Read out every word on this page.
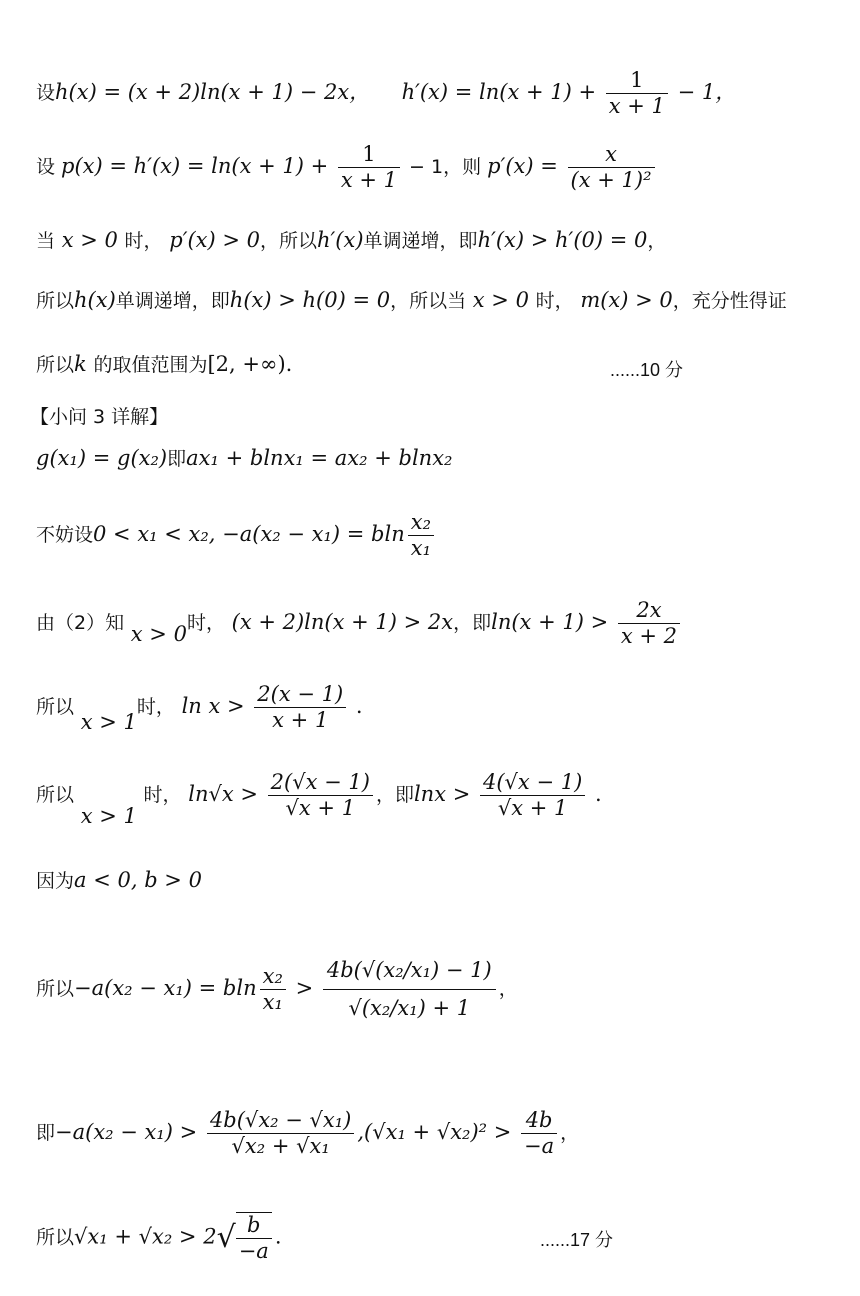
设h(x) = (x + 2)ln(x + 1) − 2x， $h'(x) = \ln(x + 1) + \frac{1}{x + 1} - 1$，
设 $p(x) = h'(x) = \ln(x + 1) + \frac{1}{x + 1} - 1$，则 $p'(x) = \frac{x}{\text{(x + 1)²}}$
当 x > 0 时， p′(x) > 0，所以h′(x)单调递增，即h′(x) > h′(0) = 0，
所以h(x)单调递增，即h(x) > h(0) = 0，所以当 x > 0 时， m(x) > 0，充分性得证
所以k 的取值范围为[2, +∞).	......10 分
【小问 3 详解】
g(x₁) = g(x₂)即ax₁ + blnx₁ = ax₂ + blnx₂
不妨设0 < x₁ < x₂, −a(x₂ − x₁) = bln $\frac{\text{x₂}}{\text{x₁}}$
由（2）知 x > 0时， (x + 2)ln(x + 1) > 2x，即$\ln(x + 1) > \frac{2x}{x + 2}$
所以 x > 1时， $\ln x > \frac{2(x - 1)}{x + 1}$ .
所以 x > 1 时， $\ln√x > \frac{2(√x - 1)}{√x + 1}$ ，即$\ln x > \frac{4(√x - 1)}{√x + 1}$ .
因为a < 0, b > 0
所以−a(x₂ − x₁) = bln $\frac{\text{x₂}}{\text{x₁}} > \frac{\text{4b(√(x₂/x₁) − 1)}}{\text{√(x₂/x₁) + 1}}$ ，
即$-a(x_2 - x_1) > \frac{\text{4b(√x₂ − √x₁)}}{\text{√x₂ + √x₁}} ,(√x_1 + √x_2)^2 > \frac{4b}{-a}$ ，
所以$√x_1 + √x_2 > 2√ \frac{b}{-a}$ .	......17 分
